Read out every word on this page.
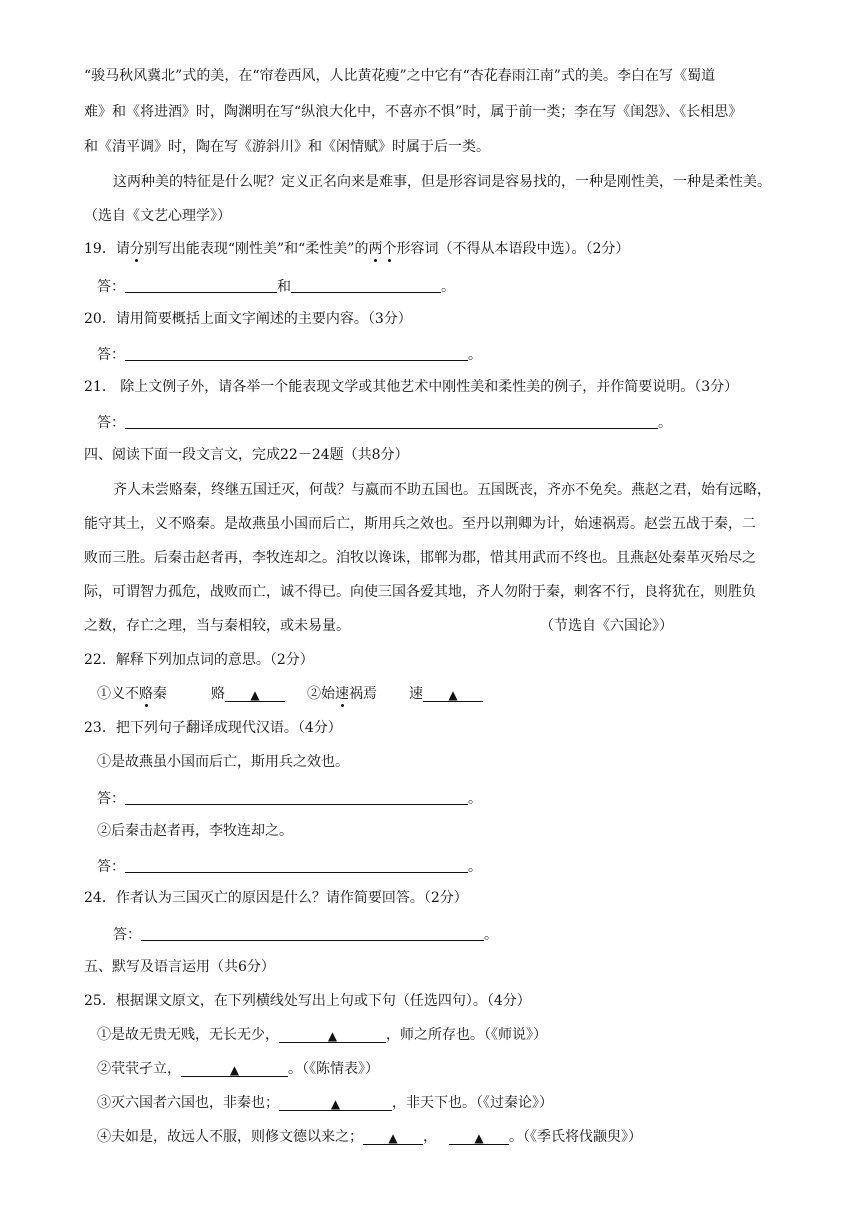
“骏马秋风冀北”式的美，在“帘卷西风，人比黄花瘦”之中它有“杏花春雨江南”式的美。李白在写《蜀道
难》和《将进酒》时，陶渊明在写“纵浪大化中，不喜亦不惧”时，属于前一类；李在写《闺怨》、《长相思》
和《清平调》时，陶在写《游斜川》和《闲情赋》时属于后一类。
这两种美的特征是什么呢？定义正名向来是难事，但是形容词是容易找的，一种是刚性美，一种是柔性美。
（选自《文艺心理学》）
19．请分别写出能表现“刚性美”和“柔性美”的两个形容词（不得从本语段中选）。（2分）
答：	和	。
20．请用简要概括上面文字阐述的主要内容。（3分）
答：	。
21.　除上文例子外，请各举一个能表现文学或其他艺术中刚性美和柔性美的例子，并作简要说明。（3分）
答：	。
四、阅读下面一段文言文，完成22－24题（共8分）
齐人未尝赂秦，终继五国迁灭，何哉？与嬴而不助五国也。五国既丧，齐亦不免矣。燕赵之君，始有远略，
能守其土，义不赂秦。是故燕虽小国而后亡，斯用兵之效也。至丹以荆卿为计，始速祸焉。赵尝五战于秦，二
败而三胜。后秦击赵者再，李牧连却之。洎牧以谗诛，邯郸为郡，惜其用武而不终也。且燕赵处秦革灭殆尽之
际，可谓智力孤危，战败而亡，诚不得已。向使三国各爱其地，齐人勿附于秦，刺客不行，良将犹在，则胜负
之数，存亡之理，当与秦相较，或未易量。	（节选自《六国论》）
22．解释下列加点词的意思。（2分）
①义不赂秦	赂 ▲	②始速祸焉 速 ▲
23．把下列句子翻译成现代汉语。（4分）
①是故燕虽小国而后亡，斯用兵之效也。
答：	。
②后秦击赵者再，李牧连却之。
答：	。
24．作者认为三国灭亡的原因是什么？请作简要回答。（2分）
答：	。
五、默写及语言运用（共6分）
25．根据课文原文，在下列横线处写出上句或下句（任选四句）。（4分）
①是故无贵无贱，无长无少，	▲	，师之所存也。（《师说》）
②茕茕孑立，	▲	。（《陈情表》）
③灭六国者六国也，非秦也；	▲	，非天下也。（《过秦论》）
④夫如是，故远人不服，则修文德以来之； ▲ ，	▲ 。（《季氏将伐颛臾》）
